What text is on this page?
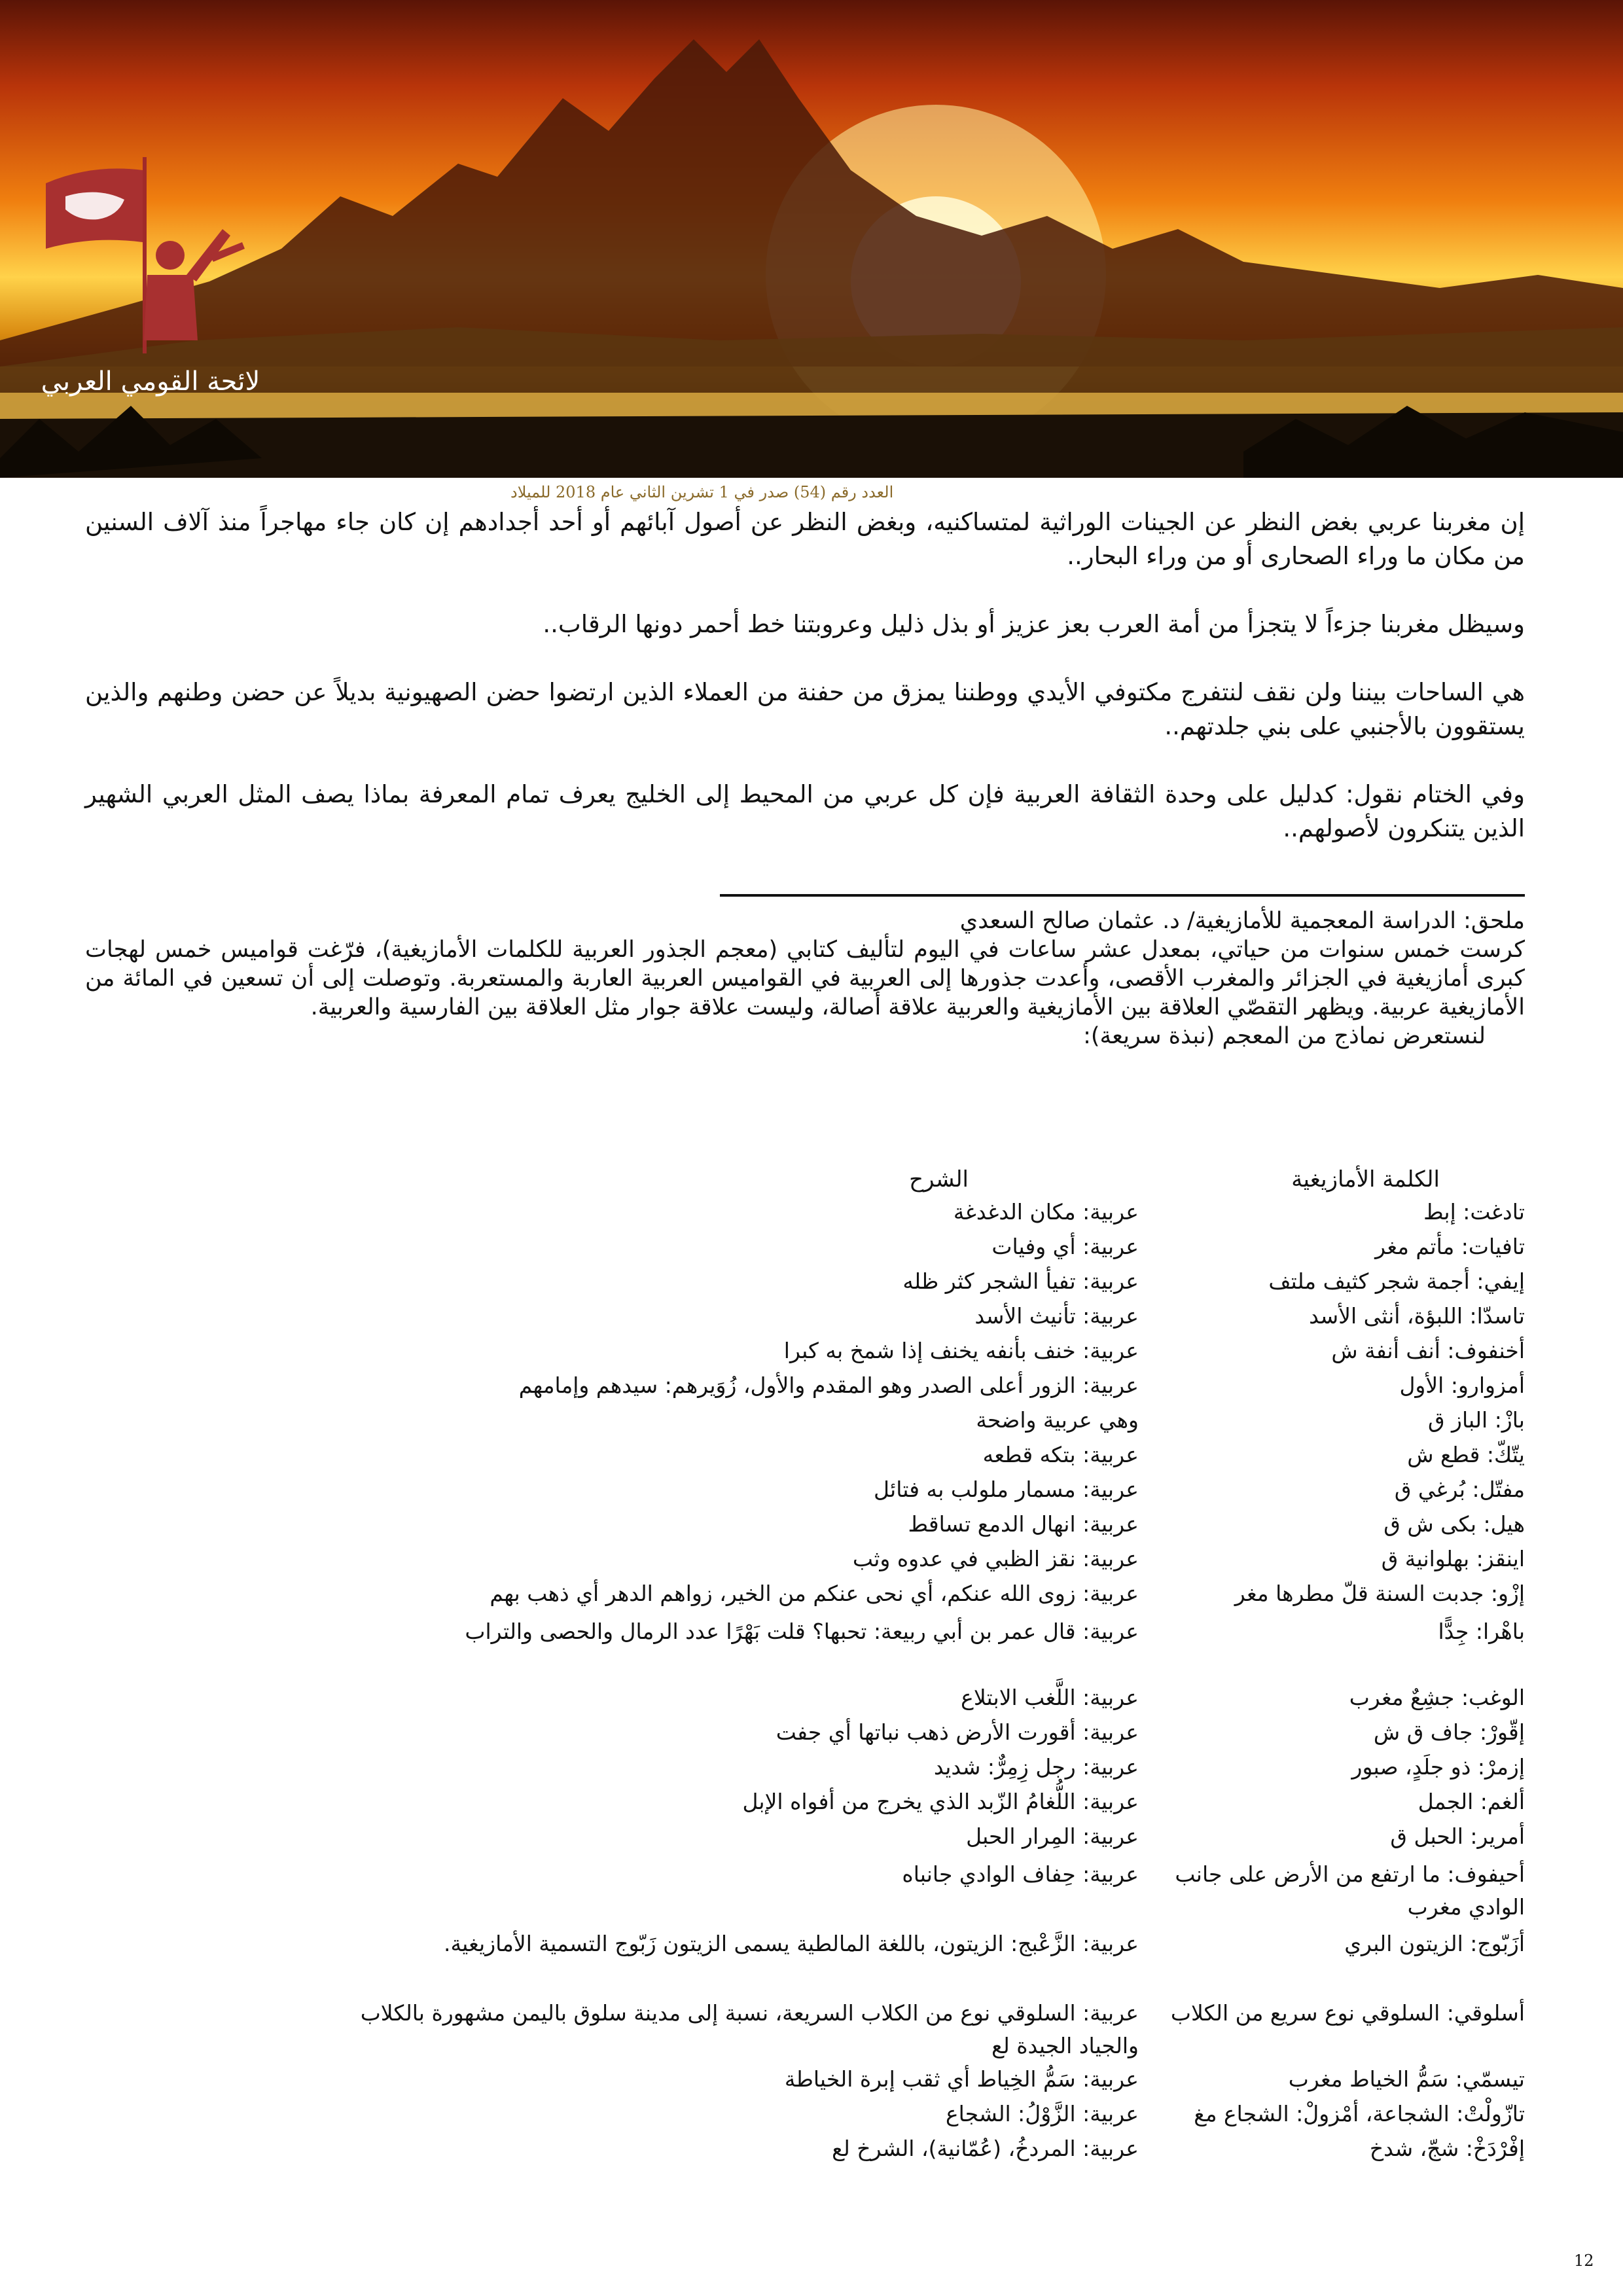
لائحة القومي العربي
العدد رقم (54) صدر في 1 تشرين الثاني عام 2018 للميلاد

إن مغربنا عربي بغض النظر عن الجينات الوراثية لمتساكنيه، وبغض النظر عن أصول آبائهم أو أحد أجدادهم إن كان جاء مهاجراً منذ آلاف السنين من مكان ما وراء الصحارى أو من وراء البحار..

وسيظل مغربنا جزءاً لا يتجزأ من أمة العرب بعز عزيز أو بذل ذليل وعروبتنا خط أحمر دونها الرقاب..

هي الساحات بيننا ولن نقف لنتفرج مكتوفي الأيدي ووطننا يمزق من حفنة من العملاء الذين ارتضوا حضن الصهيونية بديلاً عن حضن وطنهم والذين يستقوون بالأجنبي على بني جلدتهم..

وفي الختام نقول: كدليل على وحدة الثقافة العربية فإن كل عربي من المحيط إلى الخليج يعرف تمام المعرفة بماذا يصف المثل العربي الشهير الذين يتنكرون لأصولهم..

ملحق: الدراسة المعجمية للأمازيغية/ د. عثمان صالح السعدي

كرست خمس سنوات من حياتي، بمعدل عشر ساعات في اليوم لتأليف كتابي (معجم الجذور العربية للكلمات الأمازيغية)، فرّغت قواميس خمس لهجات كبرى أمازيغية في الجزائر والمغرب الأقصى، وأعدت جذورها إلى العربية في القواميس العربية العاربة والمستعربة. وتوصلت إلى أن تسعين في المائة من الأمازيغية عربية. ويظهر التقصّي العلاقة بين الأمازيغية والعربية علاقة أصالة، وليست علاقة جوار مثل العلاقة بين الفارسية والعربية.

لنستعرض نماذج من المعجم (نبذة سريعة):

الكلمة الأمازيغية
الشرح
تادغت: إبط
عربية: مكان الدغدغة
تافيات: مأتم مغر
عربية: أي وفيات
إيفي: أجمة شجر كثيف ملتف
عربية: تفيأ الشجر كثر ظله
تاسدّا: اللبؤة، أنثى الأسد
عربية: تأنيث الأسد
أخنفوف: أنف أنفة ش
عربية: خنف بأنفه يخنف إذا شمخ به كبرا
أمزوارو: الأول
عربية: الزور أعلى الصدر وهو المقدم والأول، زُوَيرهم: سيدهم وإمامهم
بازْ: الباز ق
وهي عربية واضحة
يتّكّ: قطع ش
عربية: بتكه قطعه
مفتّل: بُرغي ق
عربية: مسمار ملولب به فتائل
هيل: بكى ش ق
عربية: انهال الدمع تساقط
اينقز: بهلوانية ق
عربية: نقز الظبي في عدوه وثب
إزْو: جدبت السنة قلّ مطرها مغر
عربية: زوى الله عنكم، أي نحى عنكم من الخير، زواهم الدهر أي ذهب بهم
باهْرا: جِدًّا
عربية: قال عمر بن أبي ربيعة: تحبها؟ قلت بَهْرًا عدد الرمال والحصى والتراب
الوغب: جشِعٌ مغرب
عربية: اللَّغب الابتلاع
إقّورْ: جاف ق ش
عربية: أقورت الأرض ذهب نباتها أي جفت
إزمرْ: ذو جلَدٍ، صبور
عربية: رجل زِمِرٌّ: شديد
ألغم: الجمل
عربية: اللُّغامُ الزّبد الذي يخرج من أفواه الإبل
أمرير: الحبل ق
عربية: المِرار الحبل
أحيفوف: ما ارتفع من الأرض على جانب الوادي مغرب
عربية: حِفاف الوادي جانباه
أزَبّوج: الزيتون البري
عربية: الزَّعْبج: الزيتون، باللغة المالطية يسمى الزيتون زَبّوج التسمية الأمازيغية.
أسلوقي: السلوقي نوع سريع من الكلاب
عربية: السلوقي نوع من الكلاب السريعة، نسبة إلى مدينة سلوق باليمن مشهورة بالكلاب والجياد الجيدة لع
تيسمّي: سَمُّ الخياط مغرب
عربية: سَمُّ الخِياط أي ثقب إبرة الخياطة
تازّولْتْ: الشجاعة، أمْزولْ: الشجاع مغ
عربية: الزَّوْلُ: الشجاع
إفْرْدَخْ: شجّ، شدخ
عربية: المردخُ، (عُمّانية)، الشرخ لع
12
